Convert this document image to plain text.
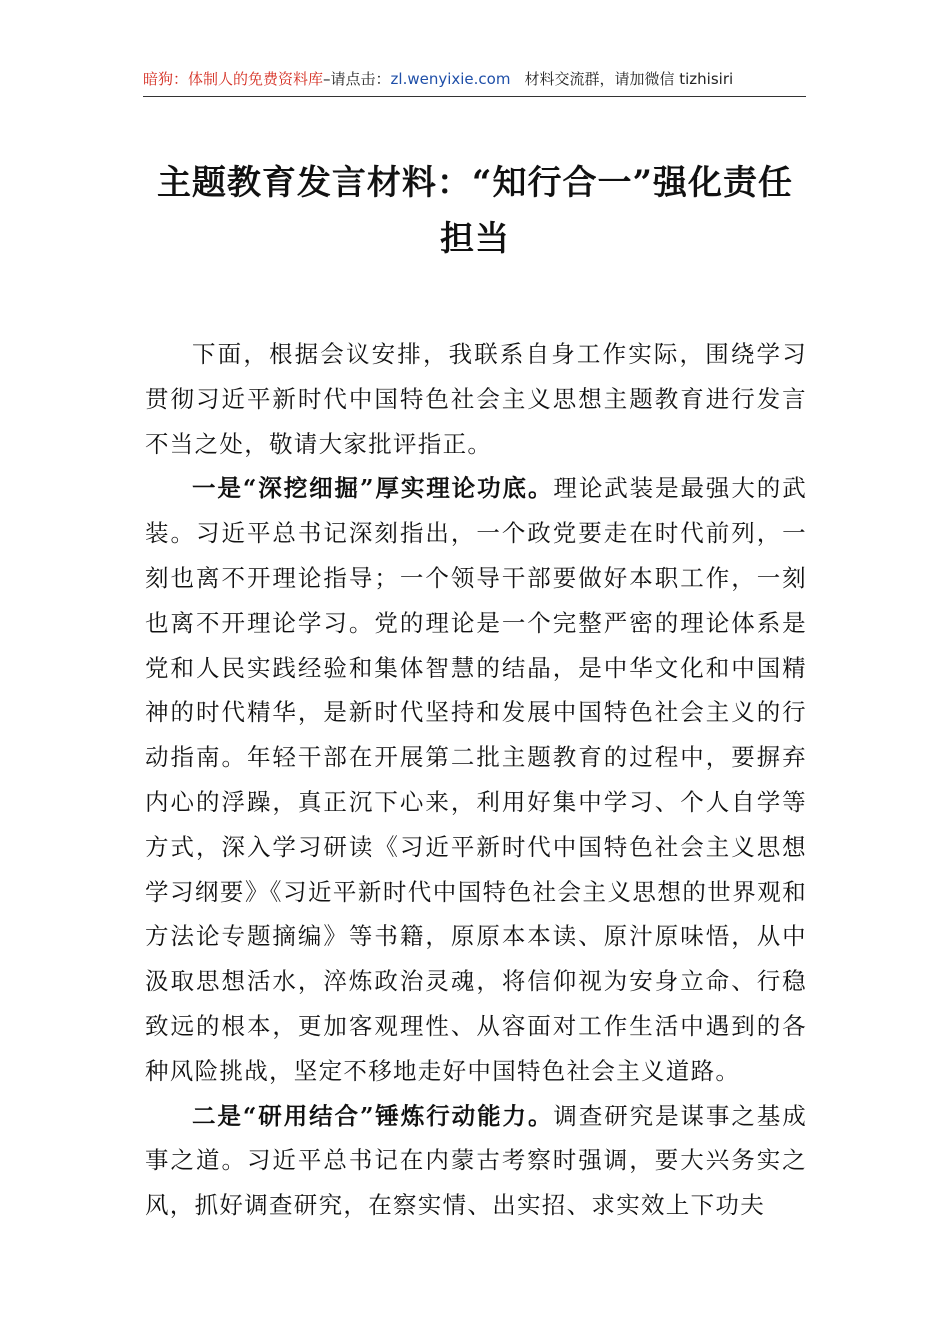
暗狗：体制人的免费资料库–请点击：zl.wenyixie.com 材料交流群，请加微信 tizhisiri
主题教育发言材料：“知行合一”强化责任担当

下面，根据会议安排，我联系自身工作实际，围绕学习贯彻习近平新时代中国特色社会主义思想主题教育进行发言不当之处，敬请大家批评指正。

一是“深挖细掘”厚实理论功底。理论武装是最强大的武装。习近平总书记深刻指出，一个政党要走在时代前列，一刻也离不开理论指导；一个领导干部要做好本职工作，一刻也离不开理论学习。党的理论是一个完整严密的理论体系是党和人民实践经验和集体智慧的结晶，是中华文化和中国精神的时代精华，是新时代坚持和发展中国特色社会主义的行动指南。年轻干部在开展第二批主题教育的过程中，要摒弃内心的浮躁，真正沉下心来，利用好集中学习、个人自学等方式，深入学习研读《习近平新时代中国特色社会主义思想学习纲要》《习近平新时代中国特色社会主义思想的世界观和方法论专题摘编》等书籍，原原本本读、原汁原味悟，从中汲取思想活水，淬炼政治灵魂，将信仰视为安身立命、行稳致远的根本，更加客观理性、从容面对工作生活中遇到的各种风险挑战，坚定不移地走好中国特色社会主义道路。

二是“研用结合”锤炼行动能力。调查研究是谋事之基成事之道。习近平总书记在内蒙古考察时强调，要大兴务实之风，抓好调查研究，在察实情、出实招、求实效上下功夫
